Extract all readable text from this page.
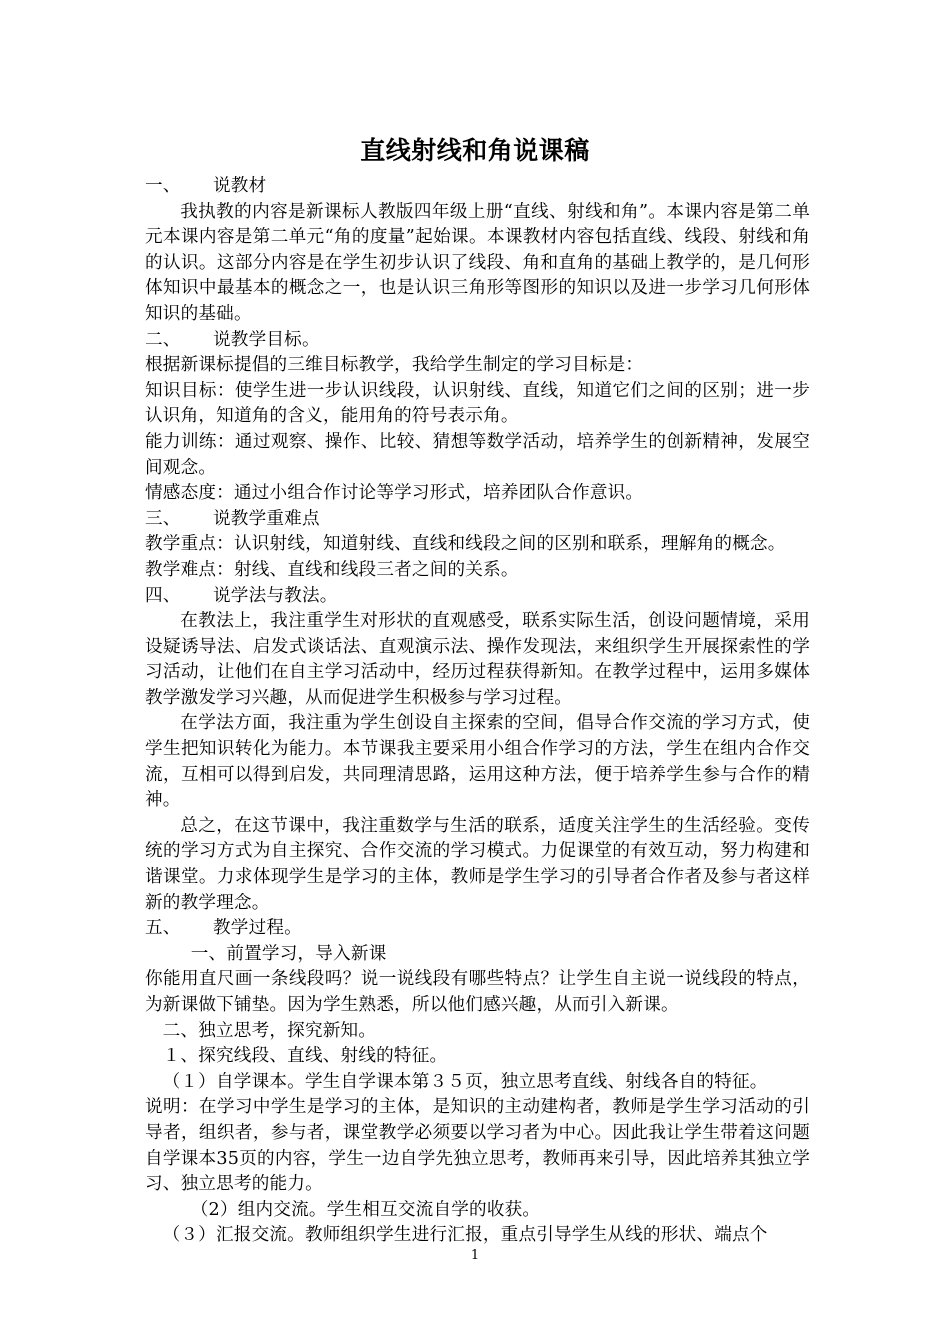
直线射线和角说课稿

一、 说教材

我执教的内容是新课标人教版四年级上册“直线、射线和角”。本课内容是第二单元本课内容是第二单元“角的度量”起始课。本课教材内容包括直线、线段、射线和角的认识。这部分内容是在学生初步认识了线段、角和直角的基础上教学的，是几何形体知识中最基本的概念之一，也是认识三角形等图形的知识以及进一步学习几何形体知识的基础。

二、 说教学目标。

根据新课标提倡的三维目标教学，我给学生制定的学习目标是：

知识目标：使学生进一步认识线段，认识射线、直线，知道它们之间的区别；进一步认识角，知道角的含义，能用角的符号表示角。

能力训练：通过观察、操作、比较、猜想等数学活动，培养学生的创新精神，发展空间观念。

情感态度：通过小组合作讨论等学习形式，培养团队合作意识。

三、 说教学重难点

教学重点：认识射线，知道射线、直线和线段之间的区别和联系，理解角的概念。

教学难点：射线、直线和线段三者之间的关系。

四、 说学法与教法。

在教法上，我注重学生对形状的直观感受，联系实际生活，创设问题情境，采用设疑诱导法、启发式谈话法、直观演示法、操作发现法，来组织学生开展探索性的学习活动，让他们在自主学习活动中，经历过程获得新知。在教学过程中，运用多媒体教学激发学习兴趣，从而促进学生积极参与学习过程。

在学法方面，我注重为学生创设自主探索的空间，倡导合作交流的学习方式，使学生把知识转化为能力。本节课我主要采用小组合作学习的方法，学生在组内合作交流，互相可以得到启发，共同理清思路，运用这种方法，便于培养学生参与合作的精神。

总之，在这节课中，我注重数学与生活的联系，适度关注学生的生活经验。变传统的学习方式为自主探究、合作交流的学习模式。力促课堂的有效互动，努力构建和谐课堂。力求体现学生是学习的主体，教师是学生学习的引导者合作者及参与者这样新的教学理念。

五、 教学过程。

一、前置学习，导入新课

你能用直尺画一条线段吗？说一说线段有哪些特点？让学生自主说一说线段的特点，为新课做下铺垫。因为学生熟悉，所以他们感兴趣，从而引入新课。

二、独立思考，探究新知。

１、探究线段、直线、射线的特征。

（１）自学课本。学生自学课本第３５页，独立思考直线、射线各自的特征。

说明：在学习中学生是学习的主体，是知识的主动建构者，教师是学生学习活动的引导者，组织者，参与者，课堂教学必须要以学习者为中心。因此我让学生带着这问题自学课本35页的内容，学生一边自学先独立思考，教师再来引导，因此培养其独立学习、独立思考的能力。

（2）组内交流。学生相互交流自学的收获。

（３）汇报交流。教师组织学生进行汇报，重点引导学生从线的形状、端点个

1
